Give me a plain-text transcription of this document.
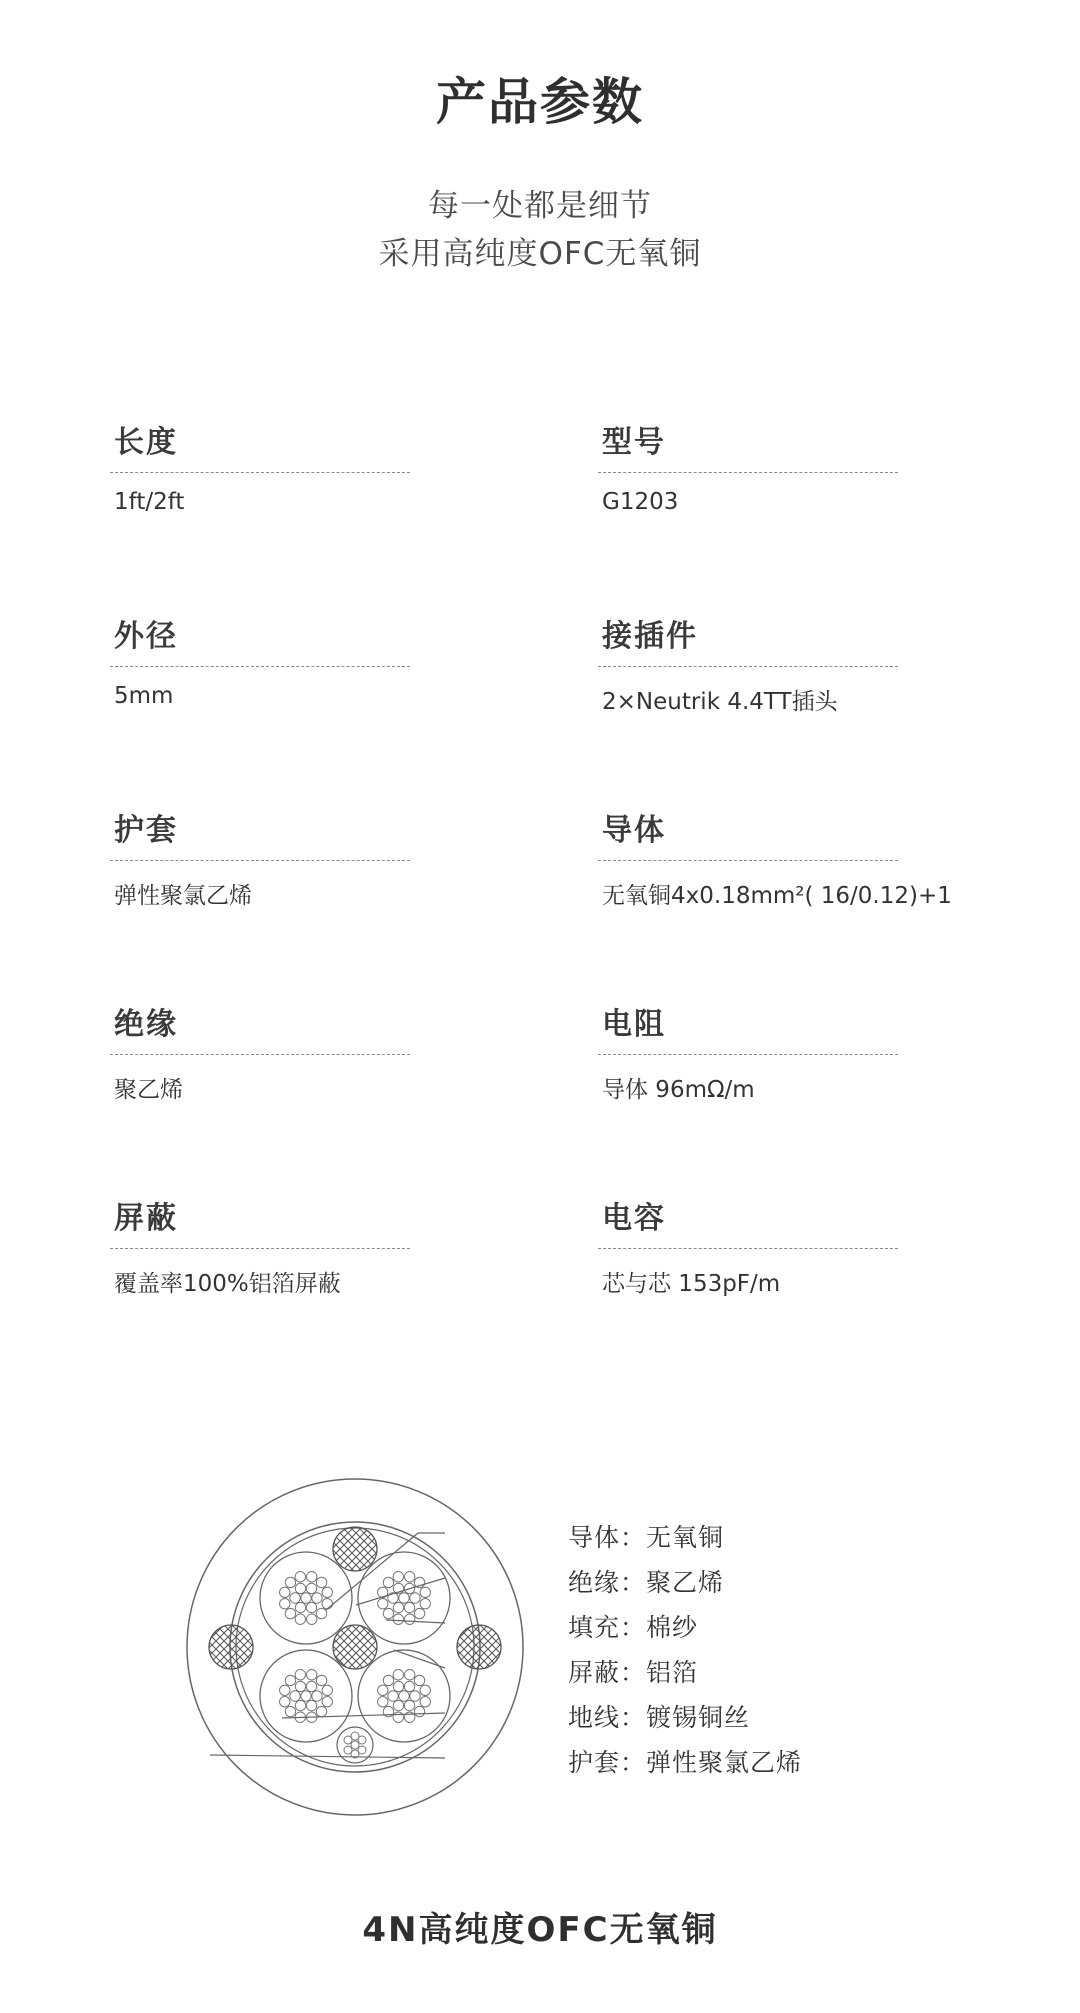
产品参数
每一处都是细节
采用高纯度OFC无氧铜
长度
1ft/2ft
型号
G1203
外径
5mm
接插件
2×Neutrik 4.4TT插头
护套
弹性聚氯乙烯
导体
无氧铜4x0.18mm²( 16/0.12)+1
绝缘
聚乙烯
电阻
导体 96mΩ/m
屏蔽
覆盖率100%铝箔屏蔽
电容
芯与芯 153pF/m
导体：无氧铜
绝缘：聚乙烯
填充：棉纱
屏蔽：铝箔
地线：镀锡铜丝
护套：弹性聚氯乙烯
4N高纯度OFC无氧铜
